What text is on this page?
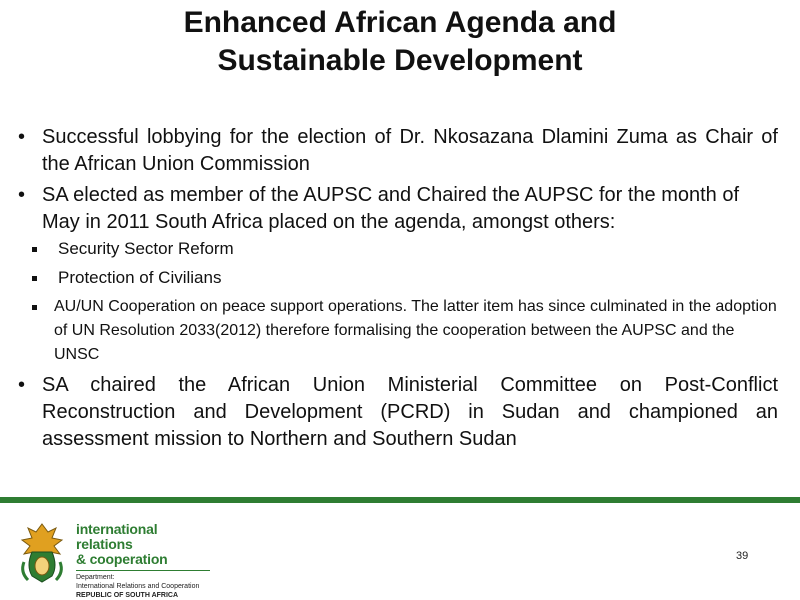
Enhanced African Agenda and
Sustainable Development
• Successful lobbying for the election of Dr. Nkosazana Dlamini Zuma as Chair of the African Union Commission
• SA elected as member of the AUPSC and Chaired the AUPSC for the month of May in 2011 South Africa placed on the agenda, amongst others:
Security Sector Reform
Protection of Civilians
AU/UN Cooperation on peace support operations. The latter item has since culminated in the adoption of UN Resolution 2033(2012) therefore formalising the cooperation between the AUPSC and the UNSC
• SA chaired the African Union Ministerial Committee on Post-Conflict Reconstruction and Development (PCRD) in Sudan and championed an assessment mission to Northern and Southern Sudan
international relations
& cooperation
Department:
International Relations and Cooperation
REPUBLIC OF SOUTH AFRICA
39
